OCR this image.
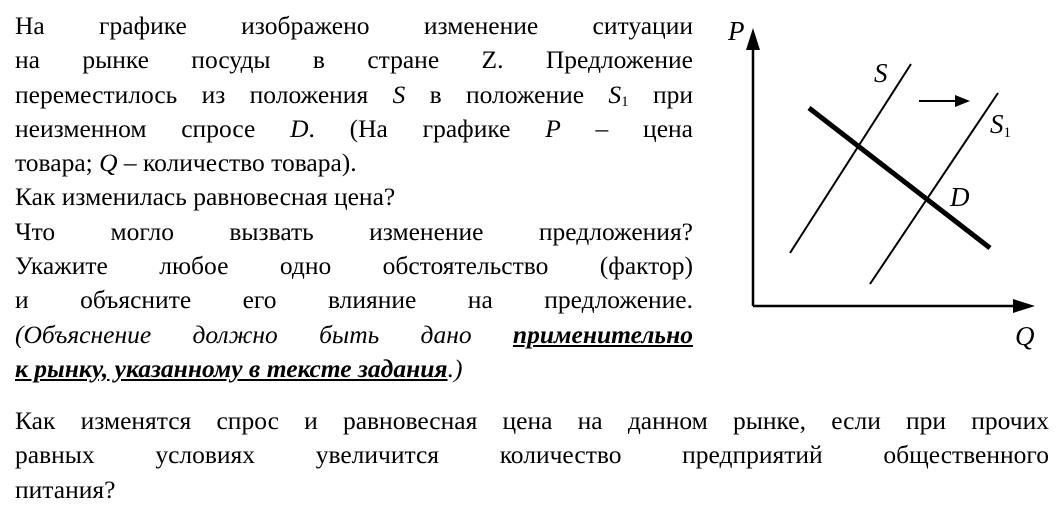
На графике изображено изменение ситуации
на рынке посуды в стране Z. Предложение
переместилось из положения S в положение $S_1$ при
неизменном спросе D. (На графике P – цена
товара; Q – количество товара).
Как изменилась равновесная цена?
Что могло вызвать изменение предложения?
Укажите любое одно обстоятельство (фактор)
и объясните его влияние на предложение.
(Объяснение должно быть дано применительно
к рынку, указанному в тексте задания.)
Как изменятся спрос и равновесная цена на данном рынке, если при прочих
равных условиях увеличится количество предприятий общественного
питания?
P
Q
S
S1
D
